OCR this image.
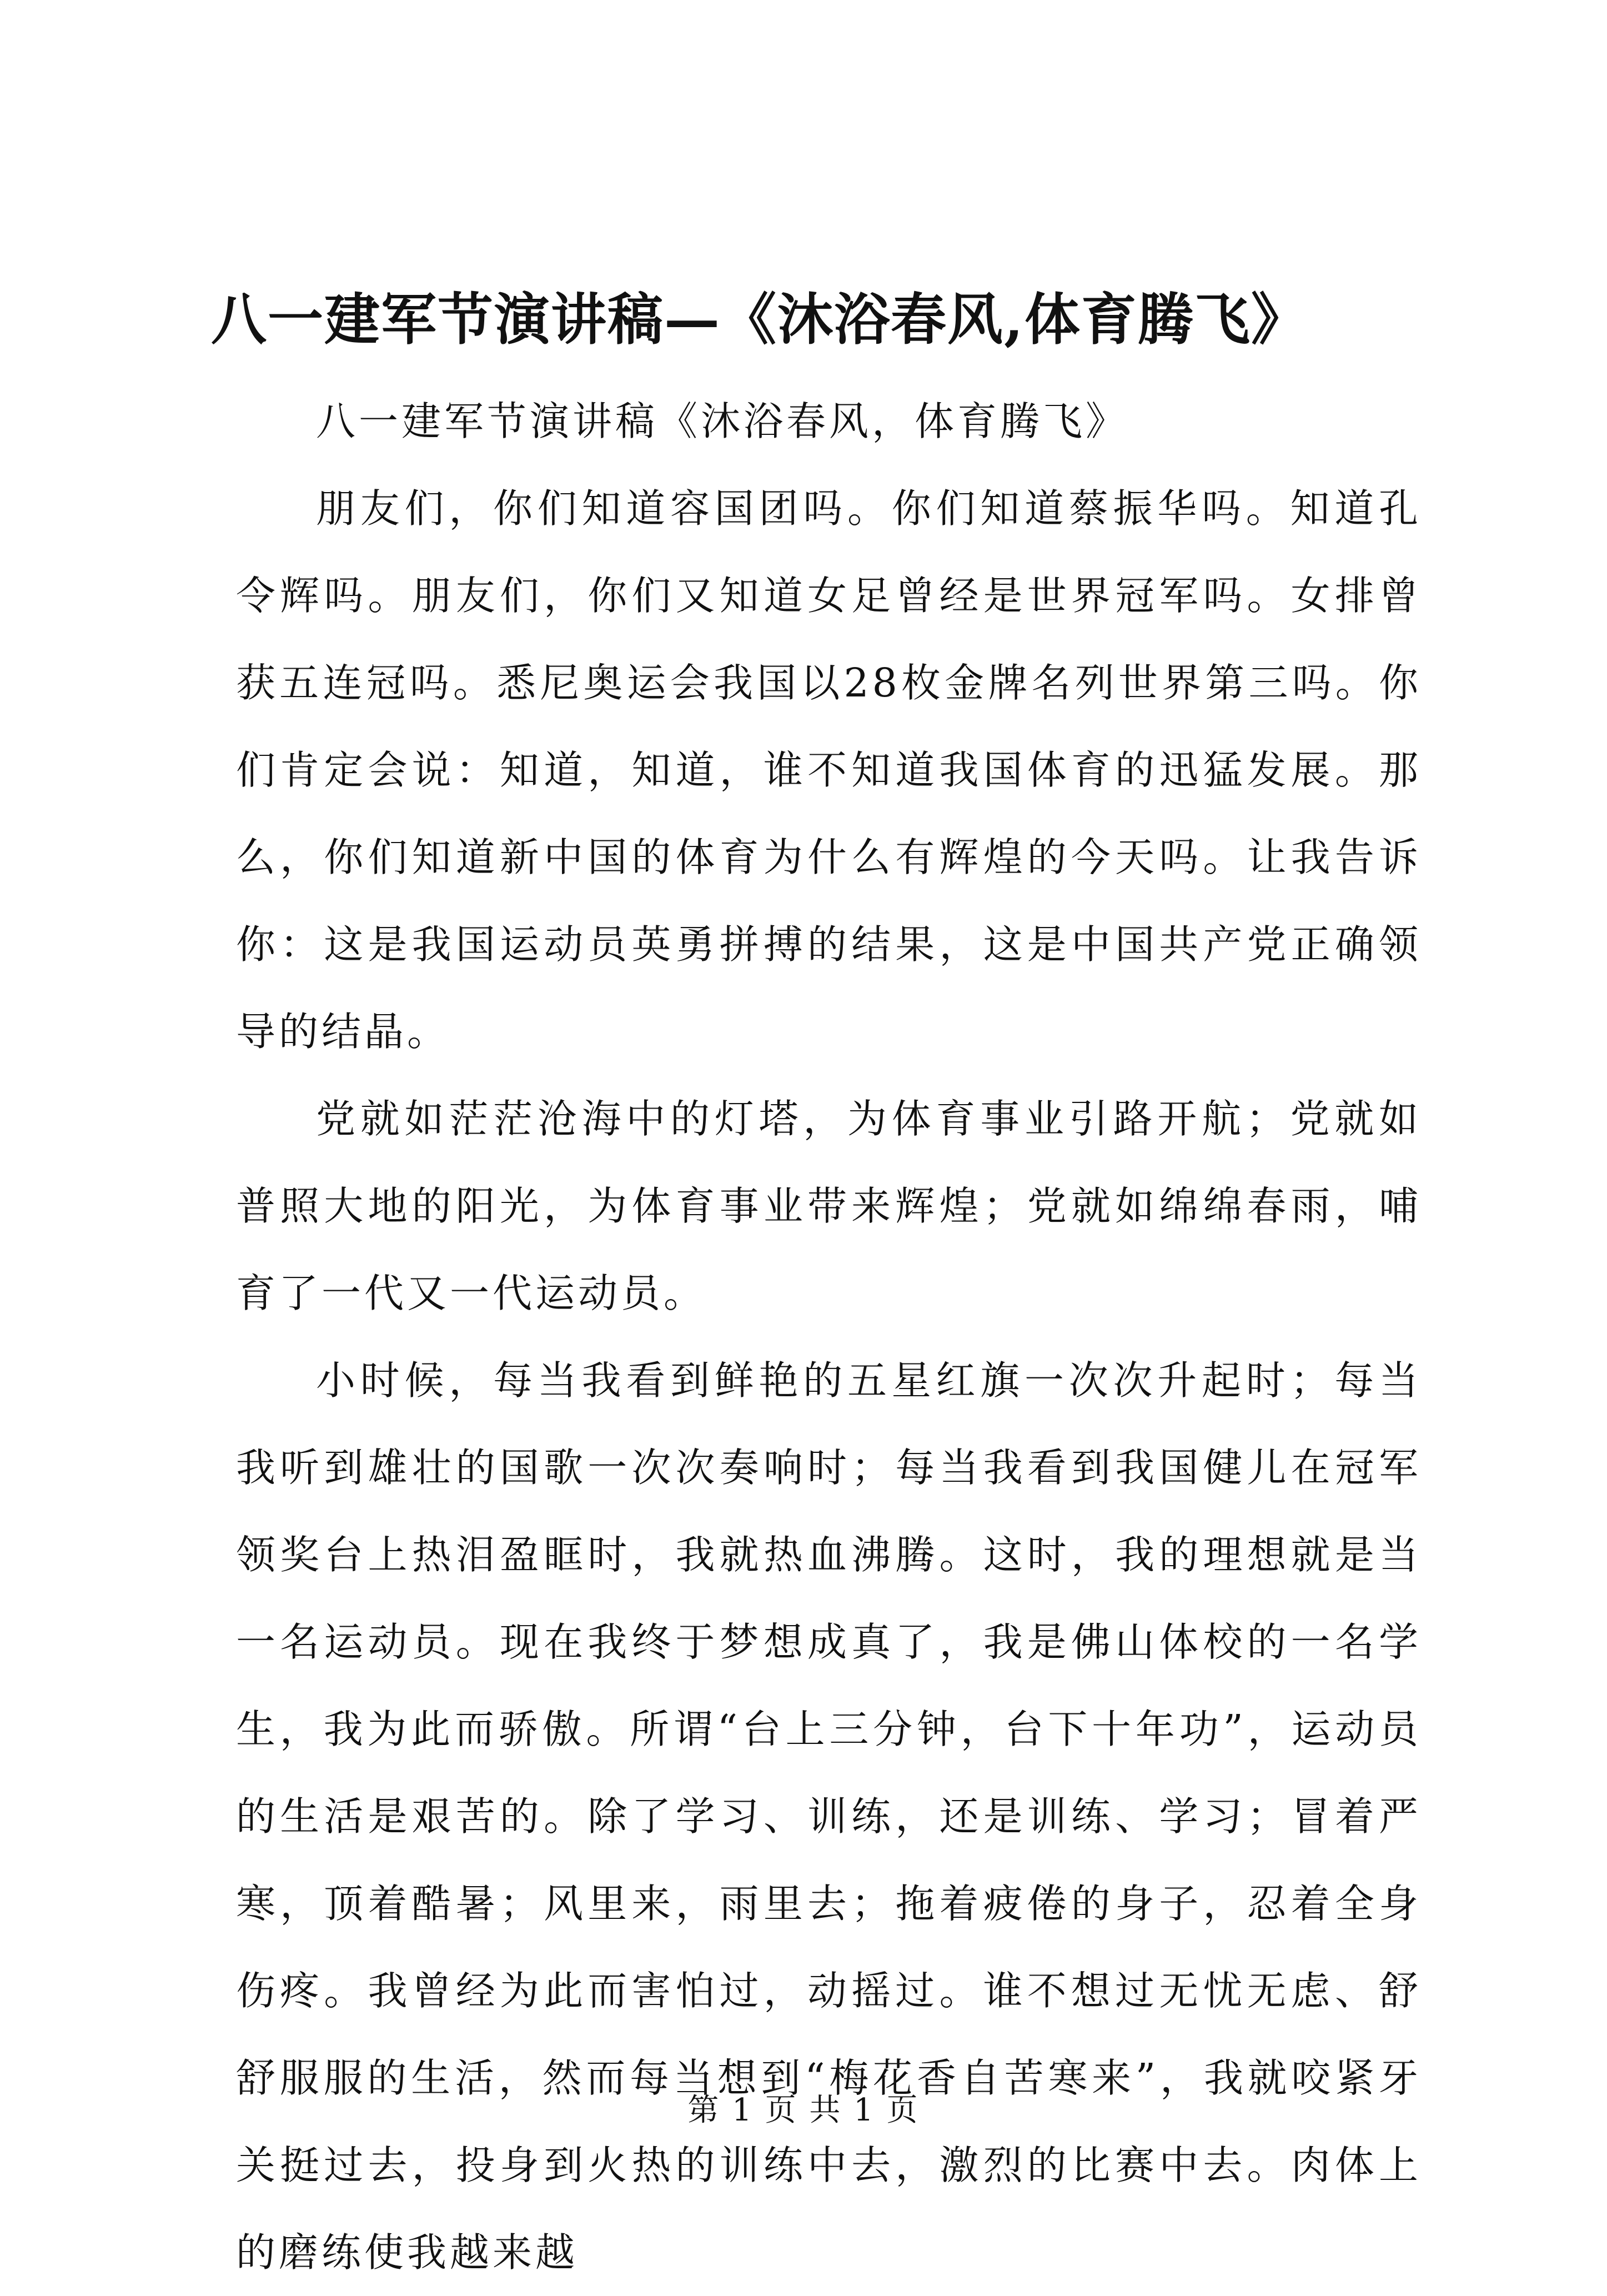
八一建军节演讲稿—《沐浴春风,体育腾飞》

八一建军节演讲稿《沐浴春风，体育腾飞》

朋友们，你们知道容国团吗。你们知道蔡振华吗。知道孔令辉吗。朋友们，你们又知道女足曾经是世界冠军吗。女排曾获五连冠吗。悉尼奥运会我国以28枚金牌名列世界第三吗。你们肯定会说：知道，知道，谁不知道我国体育的迅猛发展。那么，你们知道新中国的体育为什么有辉煌的今天吗。让我告诉你：这是我国运动员英勇拼搏的结果，这是中国共产党正确领导的结晶。

党就如茫茫沧海中的灯塔，为体育事业引路开航；党就如普照大地的阳光，为体育事业带来辉煌；党就如绵绵春雨，哺育了一代又一代运动员。

小时候，每当我看到鲜艳的五星红旗一次次升起时；每当我听到雄壮的国歌一次次奏响时；每当我看到我国健儿在冠军领奖台上热泪盈眶时，我就热血沸腾。这时，我的理想就是当一名运动员。现在我终于梦想成真了，我是佛山体校的一名学生，我为此而骄傲。所谓“台上三分钟，台下十年功”，运动员的生活是艰苦的。除了学习、训练，还是训练、学习；冒着严寒，顶着酷暑；风里来，雨里去；拖着疲倦的身子，忍着全身伤疼。我曾经为此而害怕过，动摇过。谁不想过无忧无虑、舒舒服服的生活，然而每当想到“梅花香自苦寒来”，我就咬紧牙关挺过去，投身到火热的训练中去，激烈的比赛中去。肉体上的磨练使我越来越

第 1 页 共 1 页
